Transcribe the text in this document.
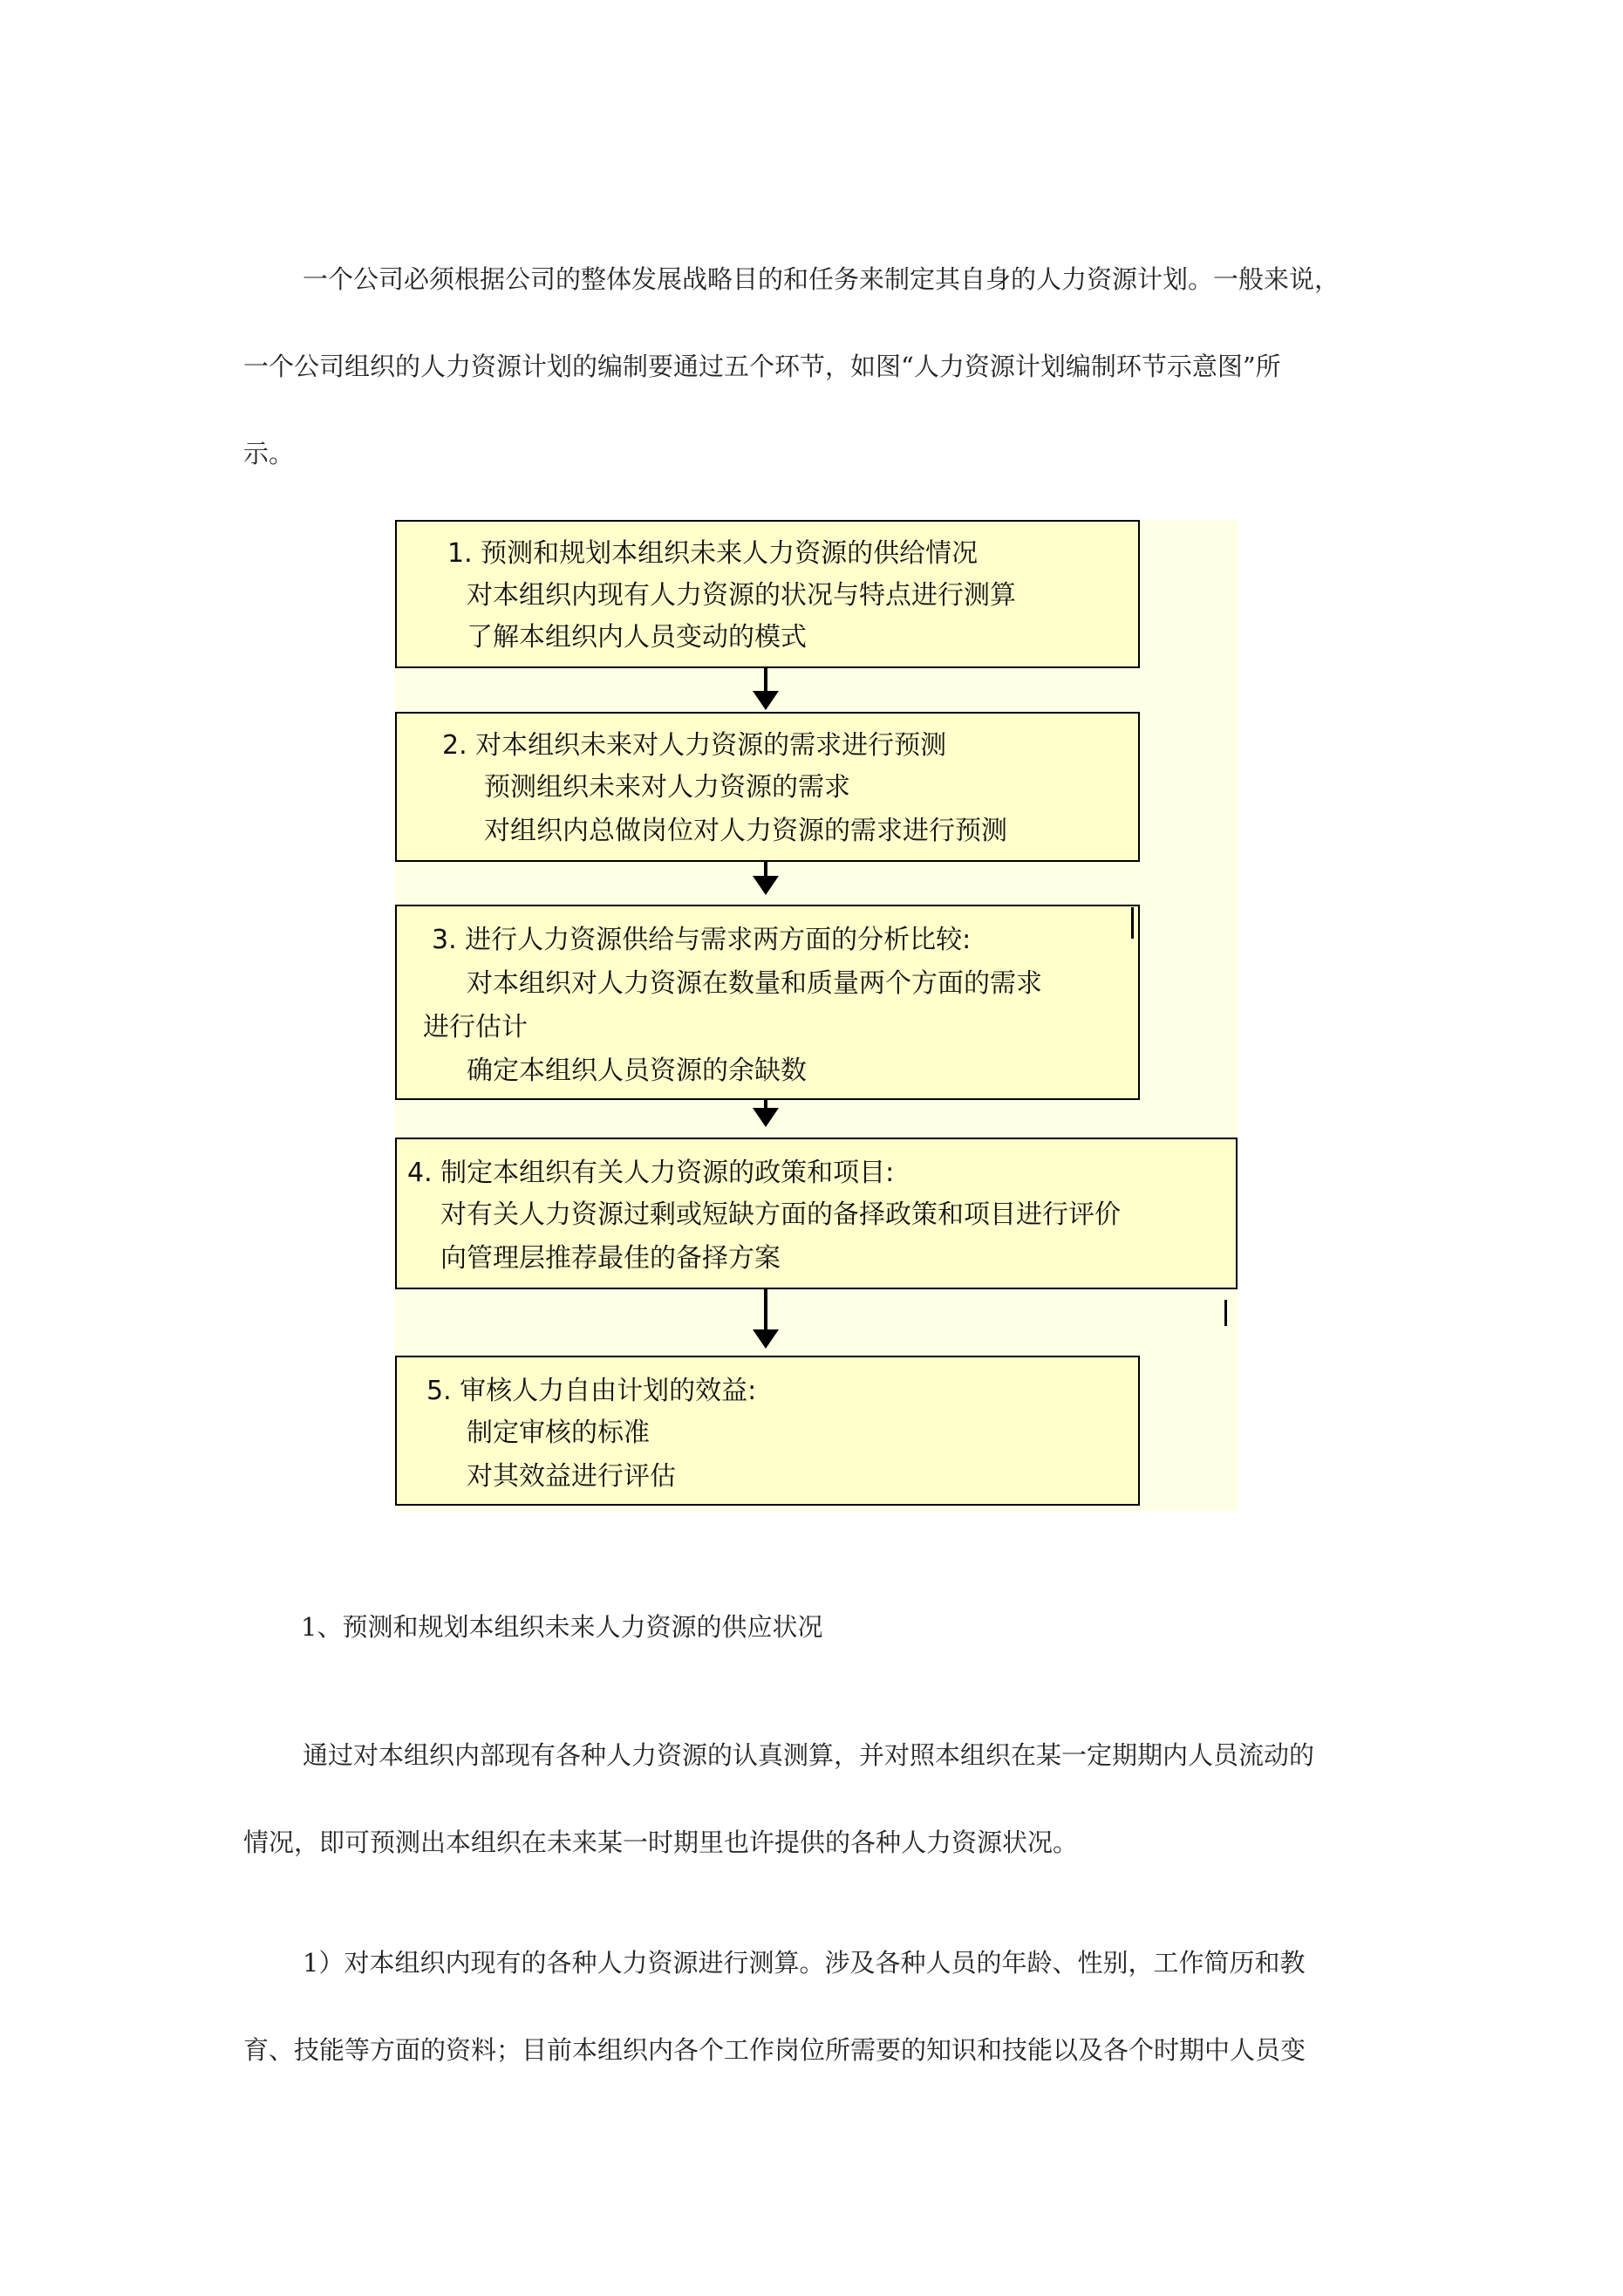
一个公司必须根据公司的整体发展战略目的和任务来制定其自身的人力资源计划。一般来说，
一个公司组织的人力资源计划的编制要通过五个环节，如图“人力资源计划编制环节示意图”所
示。
1. 预测和规划本组织未来人力资源的供给情况
对本组织内现有人力资源的状况与特点进行测算
了解本组织内人员变动的模式
2. 对本组织未来对人力资源的需求进行预测
预测组织未来对人力资源的需求
对组织内总做岗位对人力资源的需求进行预测
3. 进行人力资源供给与需求两方面的分析比较:
对本组织对人力资源在数量和质量两个方面的需求
进行估计
确定本组织人员资源的余缺数
4. 制定本组织有关人力资源的政策和项目:
对有关人力资源过剩或短缺方面的备择政策和项目进行评价
向管理层推荐最佳的备择方案
5. 审核人力自由计划的效益:
制定审核的标准
对其效益进行评估

1、预测和规划本组织未来人力资源的供应状况

通过对本组织内部现有各种人力资源的认真测算，并对照本组织在某一定期期内人员流动的
情况，即可预测出本组织在未来某一时期里也许提供的各种人力资源状况。
1）对本组织内现有的各种人力资源进行测算。涉及各种人员的年龄、性别，工作简历和教
育、技能等方面的资料；目前本组织内各个工作岗位所需要的知识和技能以及各个时期中人员变
